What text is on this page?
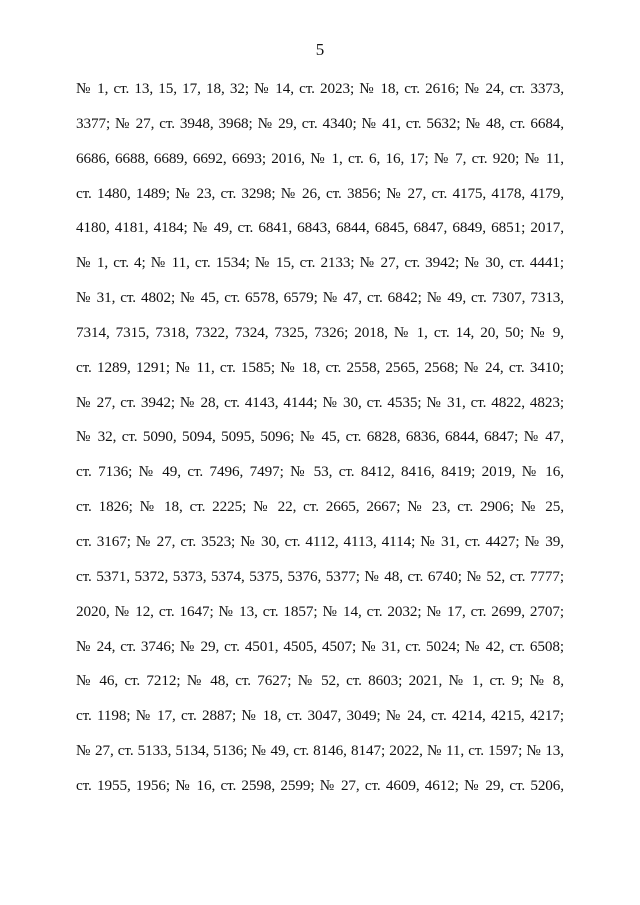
5
№ 1, ст. 13, 15, 17, 18, 32; № 14, ст. 2023; № 18, ст. 2616; № 24, ст. 3373,
3377; № 27, ст. 3948, 3968; № 29, ст. 4340; № 41, ст. 5632; № 48, ст. 6684,
6686, 6688, 6689, 6692, 6693; 2016, № 1, ст. 6, 16, 17; № 7, ст. 920; № 11,
ст. 1480, 1489; № 23, ст. 3298; № 26, ст. 3856; № 27, ст. 4175, 4178, 4179,
4180, 4181, 4184; № 49, ст. 6841, 6843, 6844, 6845, 6847, 6849, 6851; 2017,
№ 1, ст. 4; № 11, ст. 1534; № 15, ст. 2133; № 27, ст. 3942; № 30, ст. 4441;
№ 31, ст. 4802; № 45, ст. 6578, 6579; № 47, ст. 6842; № 49, ст. 7307, 7313,
7314, 7315, 7318, 7322, 7324, 7325, 7326; 2018, № 1, ст. 14, 20, 50; № 9,
ст. 1289, 1291; № 11, ст. 1585; № 18, ст. 2558, 2565, 2568; № 24, ст. 3410;
№ 27, ст. 3942; № 28, ст. 4143, 4144; № 30, ст. 4535; № 31, ст. 4822, 4823;
№ 32, ст. 5090, 5094, 5095, 5096; № 45, ст. 6828, 6836, 6844, 6847; № 47,
ст. 7136; № 49, ст. 7496, 7497; № 53, ст. 8412, 8416, 8419; 2019, № 16,
ст. 1826; № 18, ст. 2225; № 22, ст. 2665, 2667; № 23, ст. 2906; № 25,
ст. 3167; № 27, ст. 3523; № 30, ст. 4112, 4113, 4114; № 31, ст. 4427; № 39,
ст. 5371, 5372, 5373, 5374, 5375, 5376, 5377; № 48, ст. 6740; № 52, ст. 7777;
2020, № 12, ст. 1647; № 13, ст. 1857; № 14, ст. 2032; № 17, ст. 2699, 2707;
№ 24, ст. 3746; № 29, ст. 4501, 4505, 4507; № 31, ст. 5024; № 42, ст. 6508;
№ 46, ст. 7212; № 48, ст. 7627; № 52, ст. 8603; 2021, № 1, ст. 9; № 8,
ст. 1198; № 17, ст. 2887; № 18, ст. 3047, 3049; № 24, ст. 4214, 4215, 4217;
№ 27, ст. 5133, 5134, 5136; № 49, ст. 8146, 8147; 2022, № 11, ст. 1597; № 13,
ст. 1955, 1956; № 16, ст. 2598, 2599; № 27, ст. 4609, 4612; № 29, ст. 5206,
